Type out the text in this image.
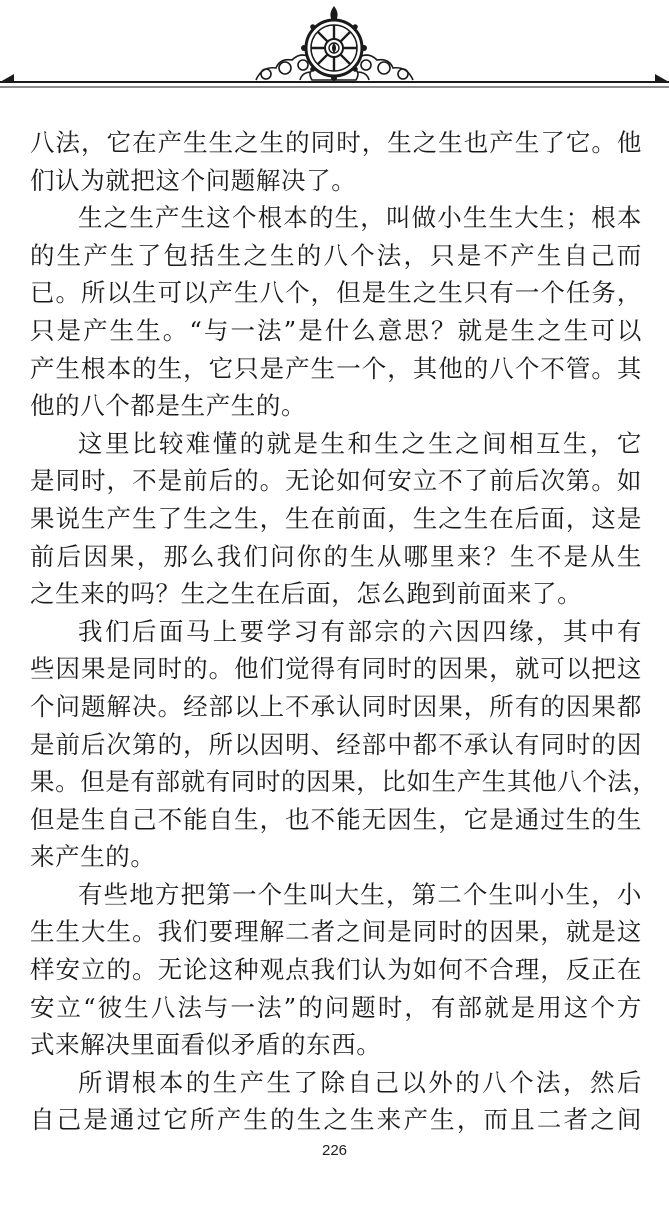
八法，它在产生生之生的同时，生之生也产生了它。他
们认为就把这个问题解决了。
生之生产生这个根本的生，叫做小生生大生；根本
的生产生了包括生之生的八个法，只是不产生自己而
已。所以生可以产生八个，但是生之生只有一个任务，
只是产生生。“与一法”是什么意思？就是生之生可以
产生根本的生，它只是产生一个，其他的八个不管。其
他的八个都是生产生的。
这里比较难懂的就是生和生之生之间相互生，它
是同时，不是前后的。无论如何安立不了前后次第。如
果说生产生了生之生，生在前面，生之生在后面，这是
前后因果，那么我们问你的生从哪里来？生不是从生
之生来的吗？生之生在后面，怎么跑到前面来了。
我们后面马上要学习有部宗的六因四缘，其中有
些因果是同时的。他们觉得有同时的因果，就可以把这
个问题解决。经部以上不承认同时因果，所有的因果都
是前后次第的，所以因明、经部中都不承认有同时的因
果。但是有部就有同时的因果，比如生产生其他八个法，
但是生自己不能自生，也不能无因生，它是通过生的生
来产生的。
有些地方把第一个生叫大生，第二个生叫小生，小
生生大生。我们要理解二者之间是同时的因果，就是这
样安立的。无论这种观点我们认为如何不合理，反正在
安立“彼生八法与一法”的问题时，有部就是用这个方
式来解决里面看似矛盾的东西。
所谓根本的生产生了除自己以外的八个法，然后
自己是通过它所产生的生之生来产生，而且二者之间
226
